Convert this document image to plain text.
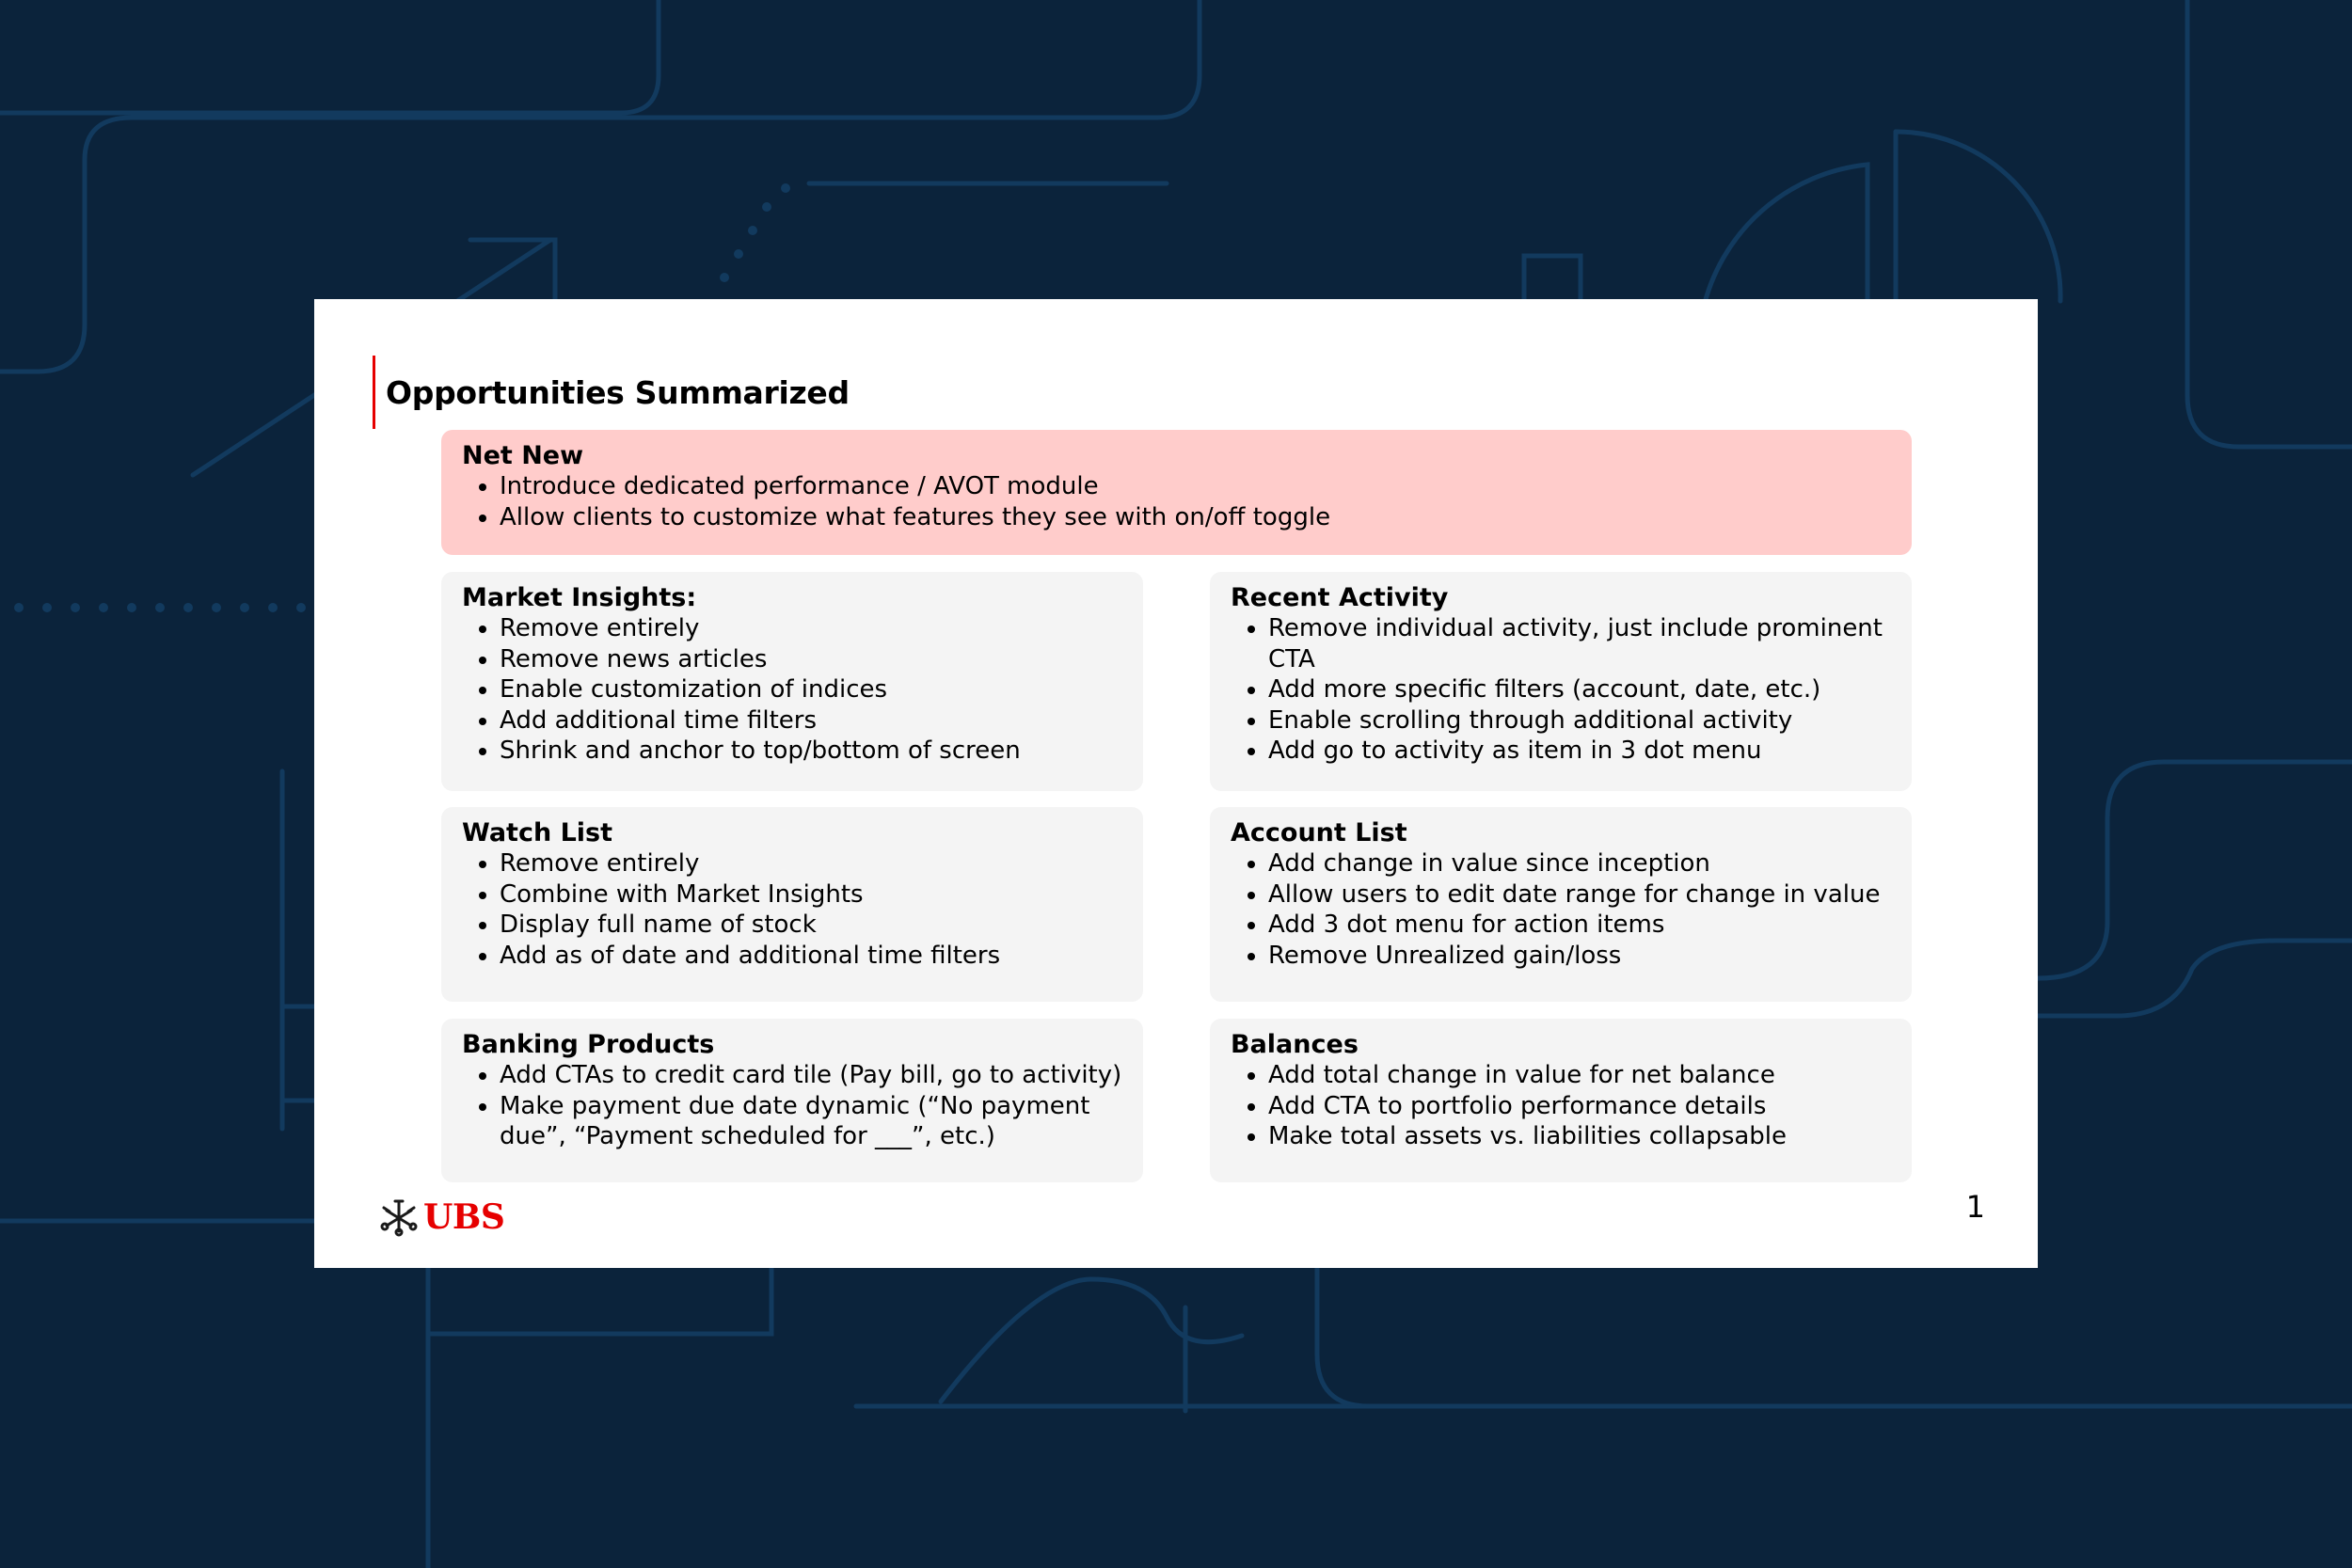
Opportunities Summarized
Net New
• Introduce dedicated performance / AVOT module
• Allow clients to customize what features they see with on/off toggle
Market Insights:
• Remove entirely
• Remove news articles
• Enable customization of indices
• Add additional time filters
• Shrink and anchor to top/bottom of screen
Recent Activity
• Remove individual activity, just include prominent CTA
• Add more specific filters (account, date, etc.)
• Enable scrolling through additional activity
• Add go to activity as item in 3 dot menu
Watch List
• Remove entirely
• Combine with Market Insights
• Display full name of stock
• Add as of date and additional time filters
Account List
• Add change in value since inception
• Allow users to edit date range for change in value
• Add 3 dot menu for action items
• Remove Unrealized gain/loss
Banking Products
• Add CTAs to credit card tile (Pay bill, go to activity)
• Make payment due date dynamic (“No payment due”, “Payment scheduled for ___”, etc.)
Balances
• Add total change in value for net balance
• Add CTA to portfolio performance details
• Make total assets vs. liabilities collapsable
UBS	1
